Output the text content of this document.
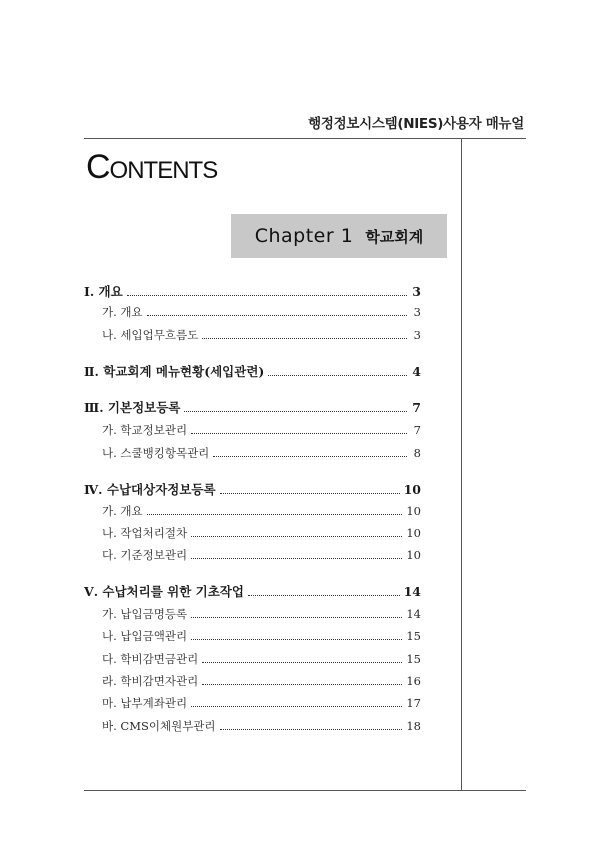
행정정보시스템(NIES)사용자 매뉴얼
Contents
Chapter 1 학교회계
Ⅰ. 개요	3
가. 개요	3
나. 세입업무흐름도	3
Ⅱ. 학교회계 메뉴현황(세입관련)	4
Ⅲ. 기본정보등록	7
가. 학교정보관리	7
나. 스쿨뱅킹항목관리	8
Ⅳ. 수납대상자정보등록	10
가. 개요	10
나. 작업처리절차	10
다. 기준정보관리	10
Ⅴ. 수납처리를 위한 기초작업	14
가. 납입금명등록	14
나. 납입금액관리	15
다. 학비감면금관리	15
라. 학비감면자관리	16
마. 납부계좌관리	17
바. CMS이체원부관리	18
